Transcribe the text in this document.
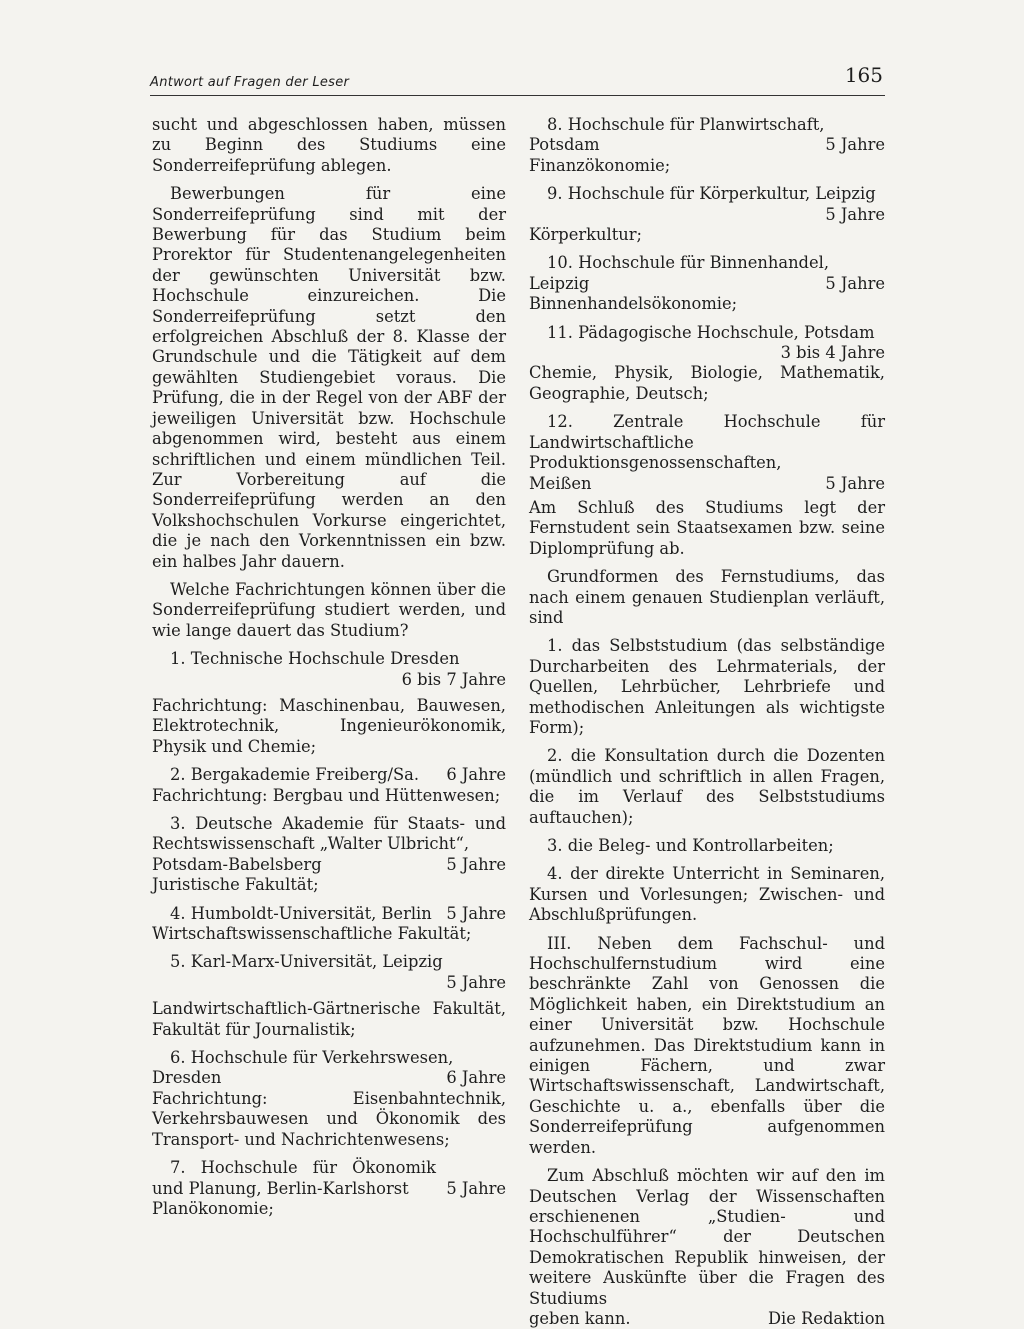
Antwort auf Fragen der Leser	165

sucht und abgeschlossen haben, müssen zu Beginn des Studiums eine Sonderreifeprüfung ablegen.

Bewerbungen für eine Sonderreifeprüfung sind mit der Bewerbung für das Studium beim Prorektor für Studentenangelegenheiten der gewünschten Universität bzw. Hochschule einzureichen. Die Sonderreifeprüfung setzt den erfolgreichen Abschluß der 8. Klasse der Grundschule und die Tätigkeit auf dem gewählten Studiengebiet voraus. Die Prüfung, die in der Regel von der ABF der jeweiligen Universität bzw. Hochschule abgenommen wird, besteht aus einem schriftlichen und einem mündlichen Teil. Zur Vorbereitung auf die Sonderreifeprüfung werden an den Volkshochschulen Vorkurse eingerichtet, die je nach den Vorkenntnissen ein bzw. ein halbes Jahr dauern.

Welche Fachrichtungen können über die Sonderreifeprüfung studiert werden, und wie lange dauert das Studium?

1. Technische Hochschule Dresden
6 bis 7 Jahre
Fachrichtung: Maschinenbau, Bauwesen, Elektrotechnik, Ingenieurökonomik, Physik und Chemie;
2. Bergakademie Freiberg/Sa. 6 Jahre
Fachrichtung: Bergbau und Hüttenwesen;
3. Deutsche Akademie für Staats- und Rechtswissenschaft „Walter Ulbricht“,
Potsdam-Babelsberg	5 Jahre
Juristische Fakultät;
4. Humboldt-Universität, Berlin 5 Jahre
Wirtschaftswissenschaftliche Fakultät;
5. Karl-Marx-Universität, Leipzig
5 Jahre
Landwirtschaftlich-Gärtnerische Fakultät, Fakultät für Journalistik;
6. Hochschule für Verkehrswesen,
Dresden	6 Jahre
Fachrichtung: Eisenbahntechnik, Verkehrsbauwesen und Ökonomik des Transport- und Nachrichtenwesens;
7. Hochschule für Ökonomik und Planung, Berlin-Karlshorst	5 Jahre
Planökonomie;
8. Hochschule für Planwirtschaft,
Potsdam	5 Jahre
Finanzökonomie;
9. Hochschule für Körperkultur, Leipzig
5 Jahre
Körperkultur;
10. Hochschule für Binnenhandel,
Leipzig	5 Jahre
Binnenhandelsökonomie;
11. Pädagogische Hochschule, Potsdam
3 bis 4 Jahre
Chemie, Physik, Biologie, Mathematik, Geographie, Deutsch;
12. Zentrale Hochschule für Landwirtschaftliche Produktionsgenossenschaften,
Meißen	5 Jahre

Am Schluß des Studiums legt der Fernstudent sein Staatsexamen bzw. seine Diplomprüfung ab.

Grundformen des Fernstudiums, das nach einem genauen Studienplan verläuft, sind

1. das Selbststudium (das selbständige Durcharbeiten des Lehrmaterials, der Quellen, Lehrbücher, Lehrbriefe und methodischen Anleitungen als wichtigste Form);

2. die Konsultation durch die Dozenten (mündlich und schriftlich in allen Fragen, die im Verlauf des Selbststudiums auftauchen);

3. die Beleg- und Kontrollarbeiten;

4. der direkte Unterricht in Seminaren, Kursen und Vorlesungen; Zwischen- und Abschlußprüfungen.

III. Neben dem Fachschul- und Hochschulfernstudium wird eine beschränkte Zahl von Genossen die Möglichkeit haben, ein Direktstudium an einer Universität bzw. Hochschule aufzunehmen. Das Direktstudium kann in einigen Fächern, und zwar Wirtschaftswissenschaft, Landwirtschaft, Geschichte u. a., ebenfalls über die Sonderreifeprüfung aufgenommen werden.

Zum Abschluß möchten wir auf den im Deutschen Verlag der Wissenschaften erschienenen „Studien- und Hochschulführer“ der Deutschen Demokratischen Republik hinweisen, der weitere Auskünfte über die Fragen des Studiums

geben kann.	Die Redaktion
